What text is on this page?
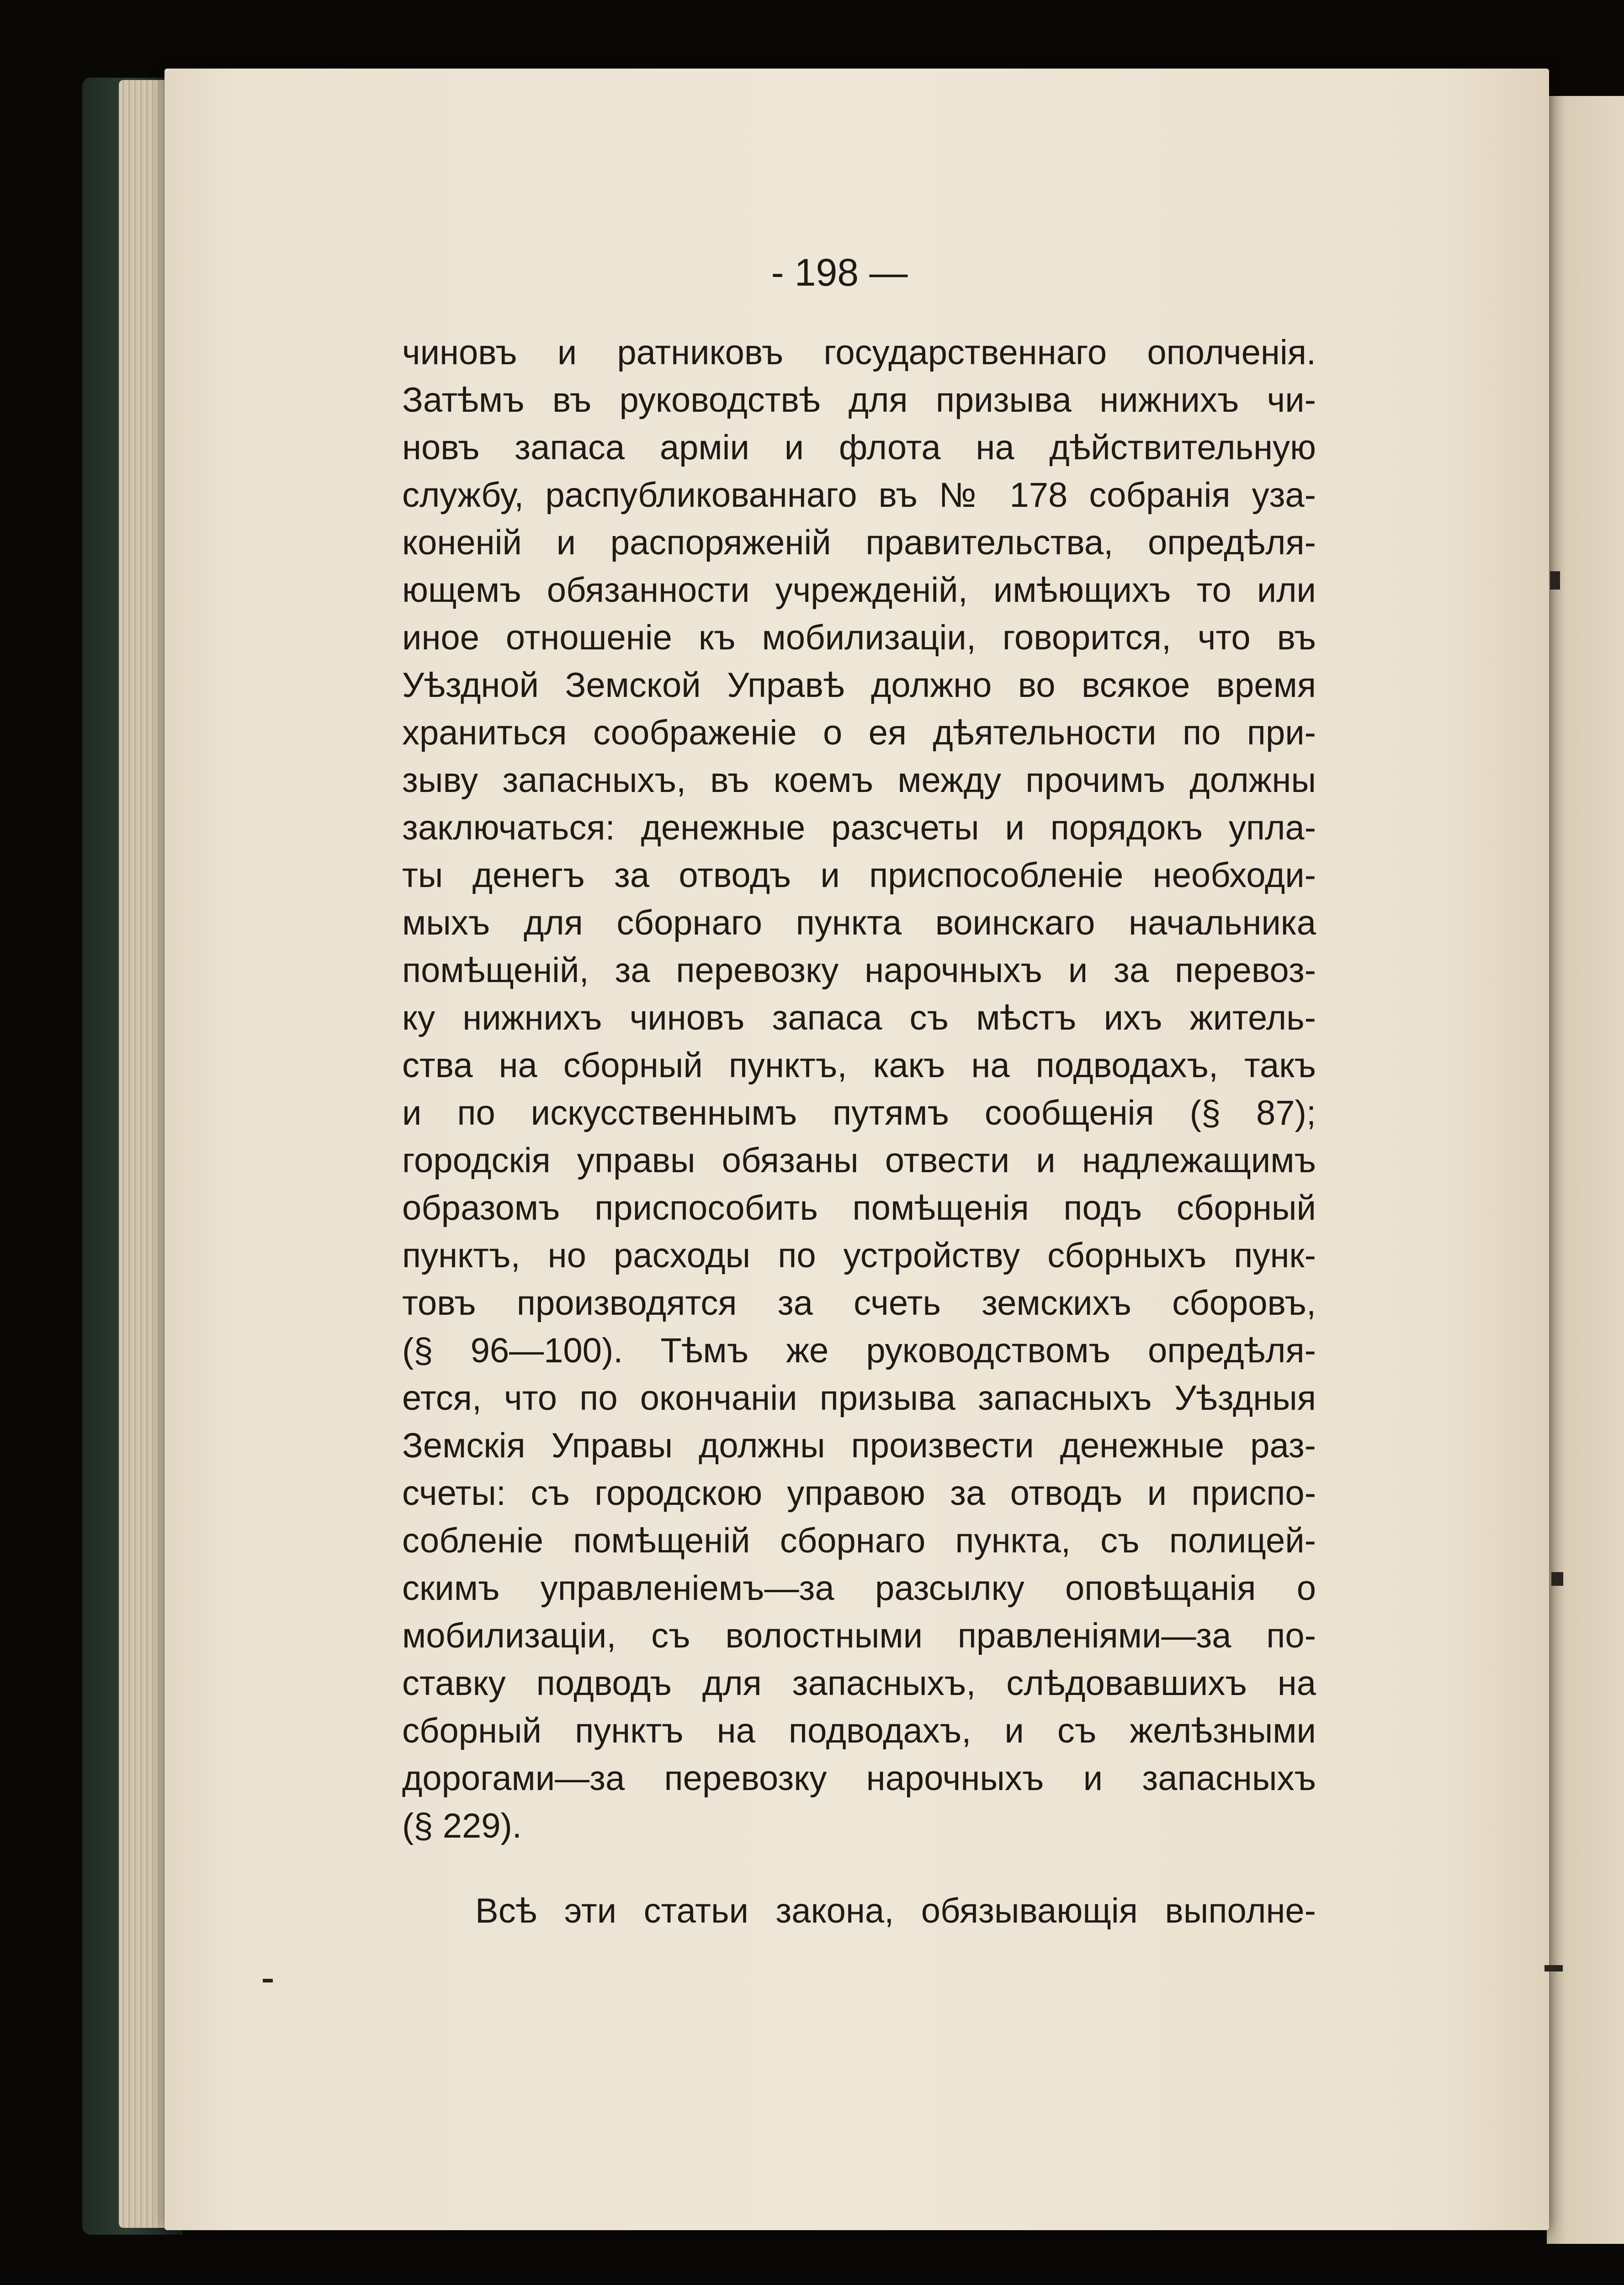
- 198 —
чиновъ и ратниковъ государственнаго ополченія.
Затѣмъ въ руководствѣ для призыва нижнихъ чи-
новъ запаса арміи и флота на дѣйствительную
службу, распубликованнаго въ № 178 собранія уза-
коненій и распоряженій правительства, опредѣля-
ющемъ обязанности учрежденій, имѣющихъ то или
иное отношеніе къ мобилизаціи, говорится, что въ
Уѣздной Земской Управѣ должно во всякое время
храниться соображеніе о ея дѣятельности по при-
зыву запасныхъ, въ коемъ между прочимъ должны
заключаться: денежные разсчеты и порядокъ упла-
ты денегъ за отводъ и приспособленіе необходи-
мыхъ для сборнаго пункта воинскаго начальника
помѣщеній, за перевозку нарочныхъ и за перевоз-
ку нижнихъ чиновъ запаса съ мѣстъ ихъ житель-
ства на сборный пунктъ, какъ на подводахъ, такъ
и по искусственнымъ путямъ сообщенія (§ 87);
городскія управы обязаны отвести и надлежащимъ
образомъ приспособить помѣщенія подъ сборный
пунктъ, но расходы по устройству сборныхъ пунк-
товъ производятся за счеть земскихъ сборовъ,
(§ 96—100). Тѣмъ же руководствомъ опредѣля-
ется, что по окончаніи призыва запасныхъ Уѣздныя
Земскія Управы должны произвести денежные раз-
счеты: съ городскою управою за отводъ и приспо-
собленіе помѣщеній сборнаго пункта, съ полицей-
скимъ управленіемъ—за разсылку оповѣщанія о
мобилизаціи, съ волостными правленіями—за по-
ставку подводъ для запасныхъ, слѣдовавшихъ на
сборный пунктъ на подводахъ, и съ желѣзными
дорогами—за перевозку нарочныхъ и запасныхъ
(§ 229).
Всѣ эти статьи закона, обязывающія выполне-
